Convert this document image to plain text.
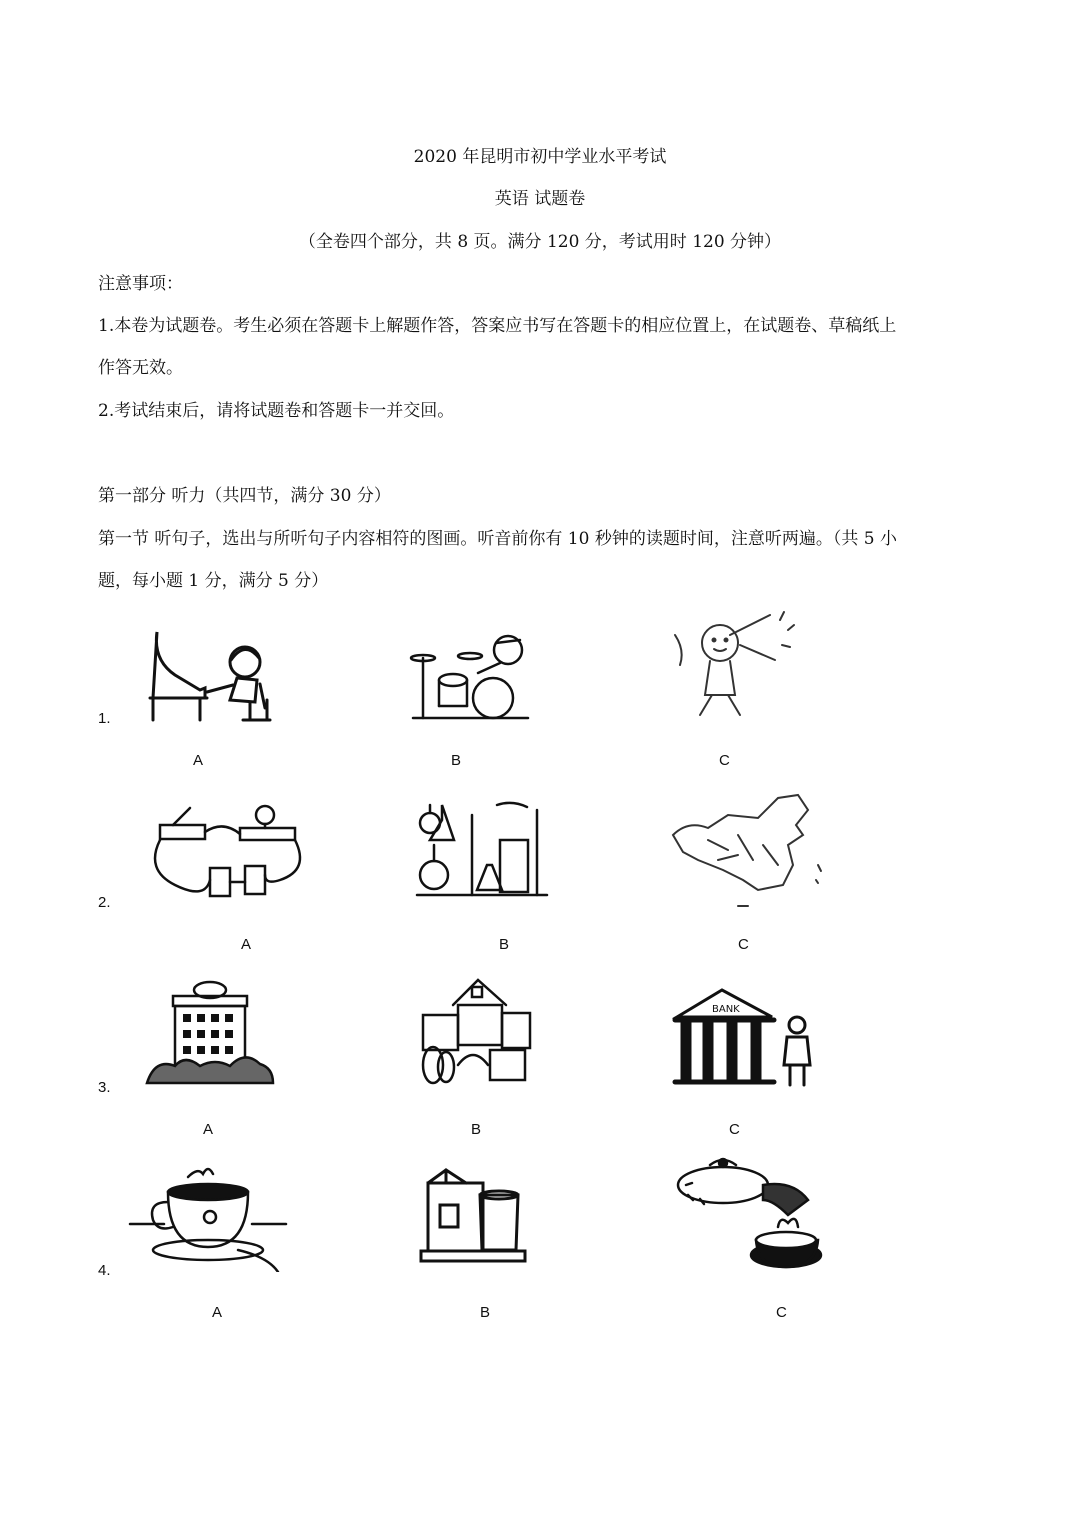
2020 年昆明市初中学业水平考试
英语 试题卷
（全卷四个部分，共 8 页。满分 120 分，考试用时 120 分钟）
注意事项：
1.本卷为试题卷。考生必须在答题卡上解题作答，答案应书写在答题卡的相应位置上，在试题卷、草稿纸上
作答无效。
2.考试结束后，请将试题卷和答题卡一并交回。
第一部分 听力（共四节，满分 30 分）
第一节 听句子，选出与所听句子内容相符的图画。听音前你有 10 秒钟的读题时间，注意听两遍。（共 5 小
题，每小题 1 分，满分 5 分）
1.
A	B	C
2.
A	B	C
3.
A	B
BANK
C
4.
A	B	C
